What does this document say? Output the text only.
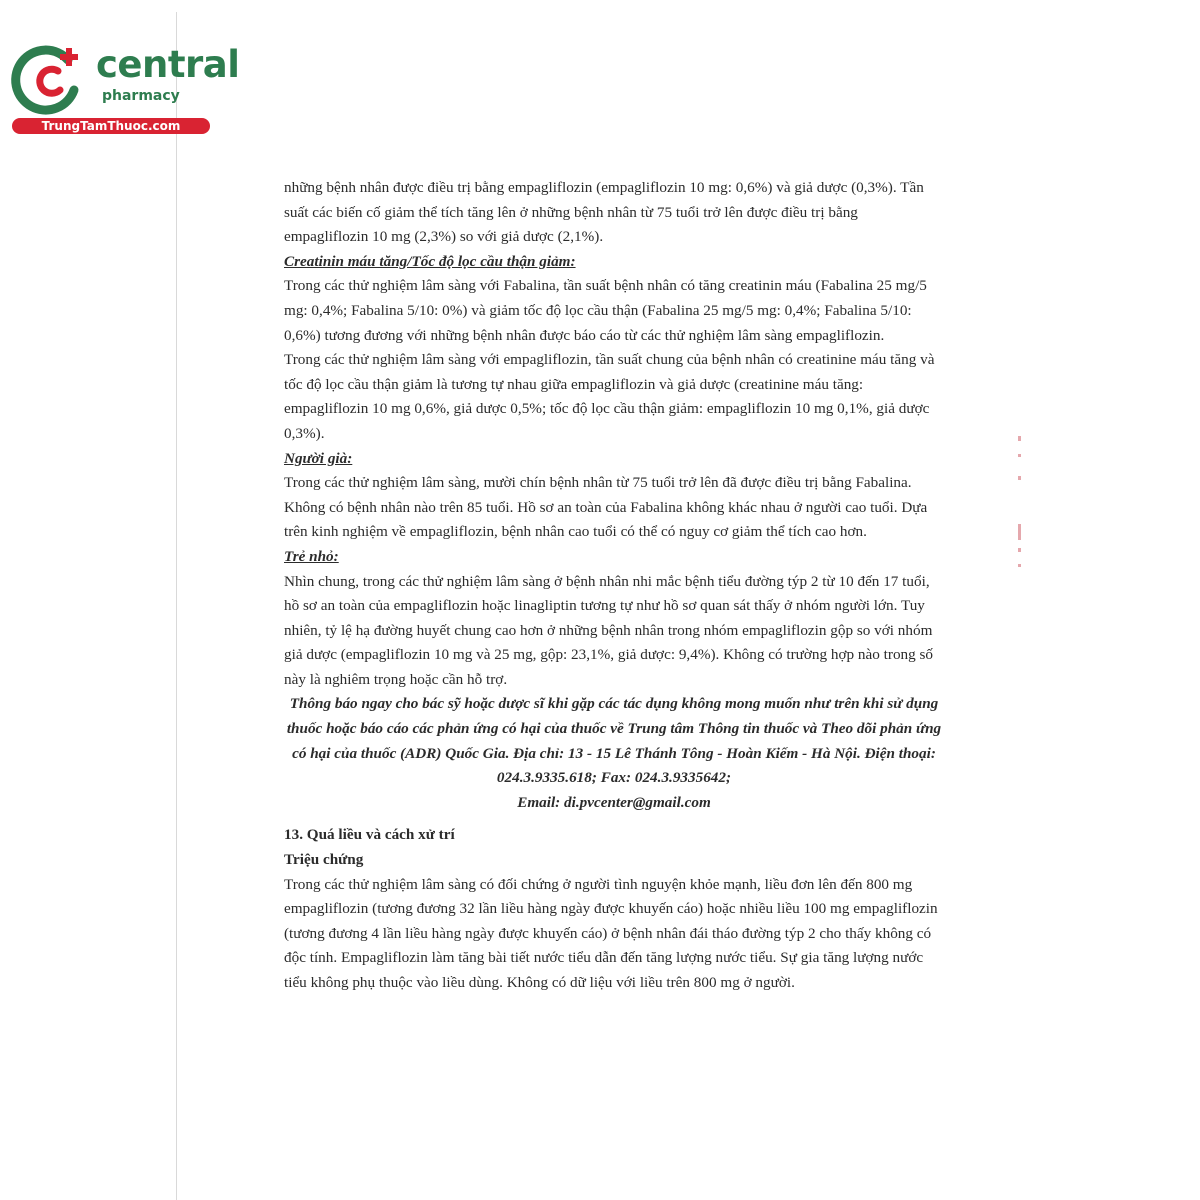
central
pharmacy
TrungTamThuoc.com

những bệnh nhân được điều trị bằng empagliflozin (empagliflozin 10 mg: 0,6%) và giả dược (0,3%). Tần suất các biến cố giảm thể tích tăng lên ở những bệnh nhân từ 75 tuổi trở lên được điều trị bằng empagliflozin 10 mg (2,3%) so với giả dược (2,1%).

Creatinin máu tăng/Tốc độ lọc cầu thận giảm:

Trong các thử nghiệm lâm sàng với Fabalina, tần suất bệnh nhân có tăng creatinin máu (Fabalina 25 mg/5 mg: 0,4%; Fabalina 5/10: 0%) và giảm tốc độ lọc cầu thận (Fabalina 25 mg/5 mg: 0,4%; Fabalina 5/10: 0,6%) tương đương với những bệnh nhân được báo cáo từ các thử nghiệm lâm sàng empagliflozin.

Trong các thử nghiệm lâm sàng với empagliflozin, tần suất chung của bệnh nhân có creatinine máu tăng và tốc độ lọc cầu thận giảm là tương tự nhau giữa empagliflozin và giả dược (creatinine máu tăng: empagliflozin 10 mg 0,6%, giả dược 0,5%; tốc độ lọc cầu thận giảm: empagliflozin 10 mg 0,1%, giả dược 0,3%).

Người già:

Trong các thử nghiệm lâm sàng, mười chín bệnh nhân từ 75 tuổi trở lên đã được điều trị bằng Fabalina. Không có bệnh nhân nào trên 85 tuổi. Hồ sơ an toàn của Fabalina không khác nhau ở người cao tuổi. Dựa trên kinh nghiệm về empagliflozin, bệnh nhân cao tuổi có thể có nguy cơ giảm thể tích cao hơn.

Trẻ nhỏ:

Nhìn chung, trong các thử nghiệm lâm sàng ở bệnh nhân nhi mắc bệnh tiểu đường týp 2 từ 10 đến 17 tuổi, hồ sơ an toàn của empagliflozin hoặc linagliptin tương tự như hồ sơ quan sát thấy ở nhóm người lớn. Tuy nhiên, tỷ lệ hạ đường huyết chung cao hơn ở những bệnh nhân trong nhóm empagliflozin gộp so với nhóm giả dược (empagliflozin 10 mg và 25 mg, gộp: 23,1%, giả dược: 9,4%). Không có trường hợp nào trong số này là nghiêm trọng hoặc cần hỗ trợ.

Thông báo ngay cho bác sỹ hoặc dược sĩ khi gặp các tác dụng không mong muốn như trên khi sử dụng thuốc hoặc báo cáo các phản ứng có hại của thuốc về Trung tâm Thông tin thuốc và Theo dõi phản ứng có hại của thuốc (ADR) Quốc Gia. Địa chỉ: 13 - 15 Lê Thánh Tông - Hoàn Kiếm - Hà Nội. Điện thoại: 024.3.9335.618; Fax: 024.3.9335642;

Email: di.pvcenter@gmail.com

13. Quá liều và cách xử trí

Triệu chứng

Trong các thử nghiệm lâm sàng có đối chứng ở người tình nguyện khỏe mạnh, liều đơn lên đến 800 mg empagliflozin (tương đương 32 lần liều hàng ngày được khuyến cáo) hoặc nhiều liều 100 mg empagliflozin (tương đương 4 lần liều hàng ngày được khuyến cáo) ở bệnh nhân đái tháo đường týp 2 cho thấy không có độc tính. Empagliflozin làm tăng bài tiết nước tiểu dẫn đến tăng lượng nước tiểu. Sự gia tăng lượng nước tiểu không phụ thuộc vào liều dùng. Không có dữ liệu với liều trên 800 mg ở người.
